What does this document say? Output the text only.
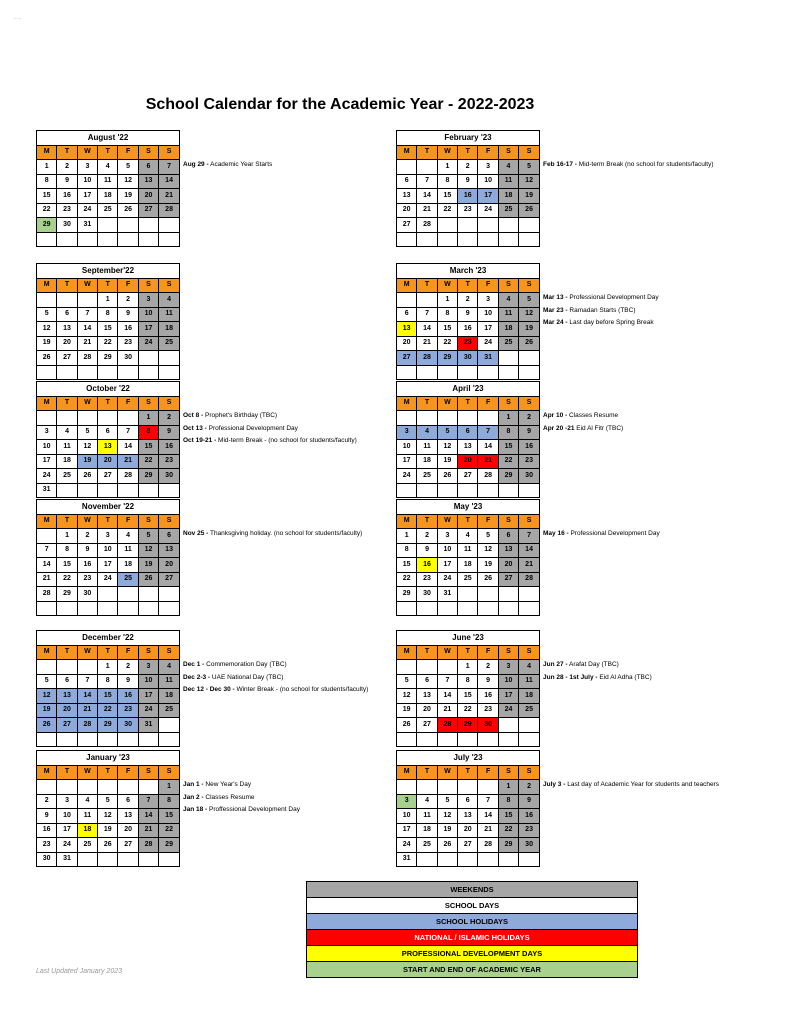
– –
School Calendar for the Academic Year - 2022-2023
August '22						
M	T	W	T	F	S	S
1	2	3	4	5	6	7
8	9	10	11	12	13	14
15	16	17	18	19	20	21
22	23	24	25	26	27	28
29	30	31				

Aug 29 - Academic Year Starts
February '23						
M	T	W	T	F	S	S
		1	2	3	4	5
6	7	8	9	10	11	12
13	14	15	16	17	18	19
20	21	22	23	24	25	26
27	28					

Feb 16-17 - Mid-term Break (no school for students/faculty)
September'22						
M	T	W	T	F	S	S
			1	2	3	4
5	6	7	8	9	10	11
12	13	14	15	16	17	18
19	20	21	22	23	24	25
26	27	28	29	30		

March '23						
M	T	W	T	F	S	S
		1	2	3	4	5
6	7	8	9	10	11	12
13	14	15	16	17	18	19
20	21	22	23	24	25	26
27	28	29	30	31		

Mar 13 - Professional Development Day
Mar 23 - Ramadan Starts (TBC)
Mar 24 - Last day before Spring Break
October '22						
M	T	W	T	F	S	S
					1	2
3	4	5	6	7	8	9
10	11	12	13	14	15	16
17	18	19	20	21	22	23
24	25	26	27	28	29	30
31						
Oct 8 - Prophet's Birthday (TBC)
Oct 13 - Professional Development Day
Oct 19-21 - Mid-term Break - (no school for students/faculty)
April '23						
M	T	W	T	F	S	S
					1	2
3	4	5	6	7	8	9
10	11	12	13	14	15	16
17	18	19	20	21	22	23
24	25	26	27	28	29	30

Apr 10 - Classes Resume
Apr 20 -21 Eid Al Fitr (TBC)
November '22						
M	T	W	T	F	S	S
	1	2	3	4	5	6
7	8	9	10	11	12	13
14	15	16	17	18	19	20
21	22	23	24	25	26	27
28	29	30				

Nov 25 - Thanksgiving holiday. (no school for students/faculty)
May '23						
M	T	W	T	F	S	S
1	2	3	4	5	6	7
8	9	10	11	12	13	14
15	16	17	18	19	20	21
22	23	24	25	26	27	28
29	30	31				

May 16 - Professional Development Day
December '22						
M	T	W	T	F	S	S
			1	2	3	4
5	6	7	8	9	10	11
12	13	14	15	16	17	18
19	20	21	22	23	24	25
26	27	28	29	30	31	

Dec 1 - Commemoration Day (TBC)
Dec 2-3 - UAE National Day (TBC)
Dec 12 - Dec 30 - Winter Break - (no school for students/faculty)
June '23						
M	T	W	T	F	S	S
			1	2	3	4
5	6	7	8	9	10	11
12	13	14	15	16	17	18
19	20	21	22	23	24	25
26	27	28	29	30		

Jun 27 - Arafat Day (TBC)
Jun 28 - 1st July - Eid Al Adha (TBC)
January '23						
M	T	W	T	F	S	S
						1
2	3	4	5	6	7	8
9	10	11	12	13	14	15
16	17	18	19	20	21	22
23	24	25	26	27	28	29
30	31					
Jan 1 - New Year's Day
Jan 2 - Classes Resume
Jan 18 - Proffessional Development Day
July '23						
M	T	W	T	F	S	S
					1	2
3	4	5	6	7	8	9
10	11	12	13	14	15	16
17	18	19	20	21	22	23
24	25	26	27	28	29	30
31						
July 3 - Last day of Academic Year for students and teachers
WEEKENDS
SCHOOL DAYS
SCHOOL HOLIDAYS
NATIONAL / ISLAMIC HOLIDAYS
PROFESSIONAL DEVELOPMENT DAYS
START AND END OF ACADEMIC YEAR
Last Updated January 2023
